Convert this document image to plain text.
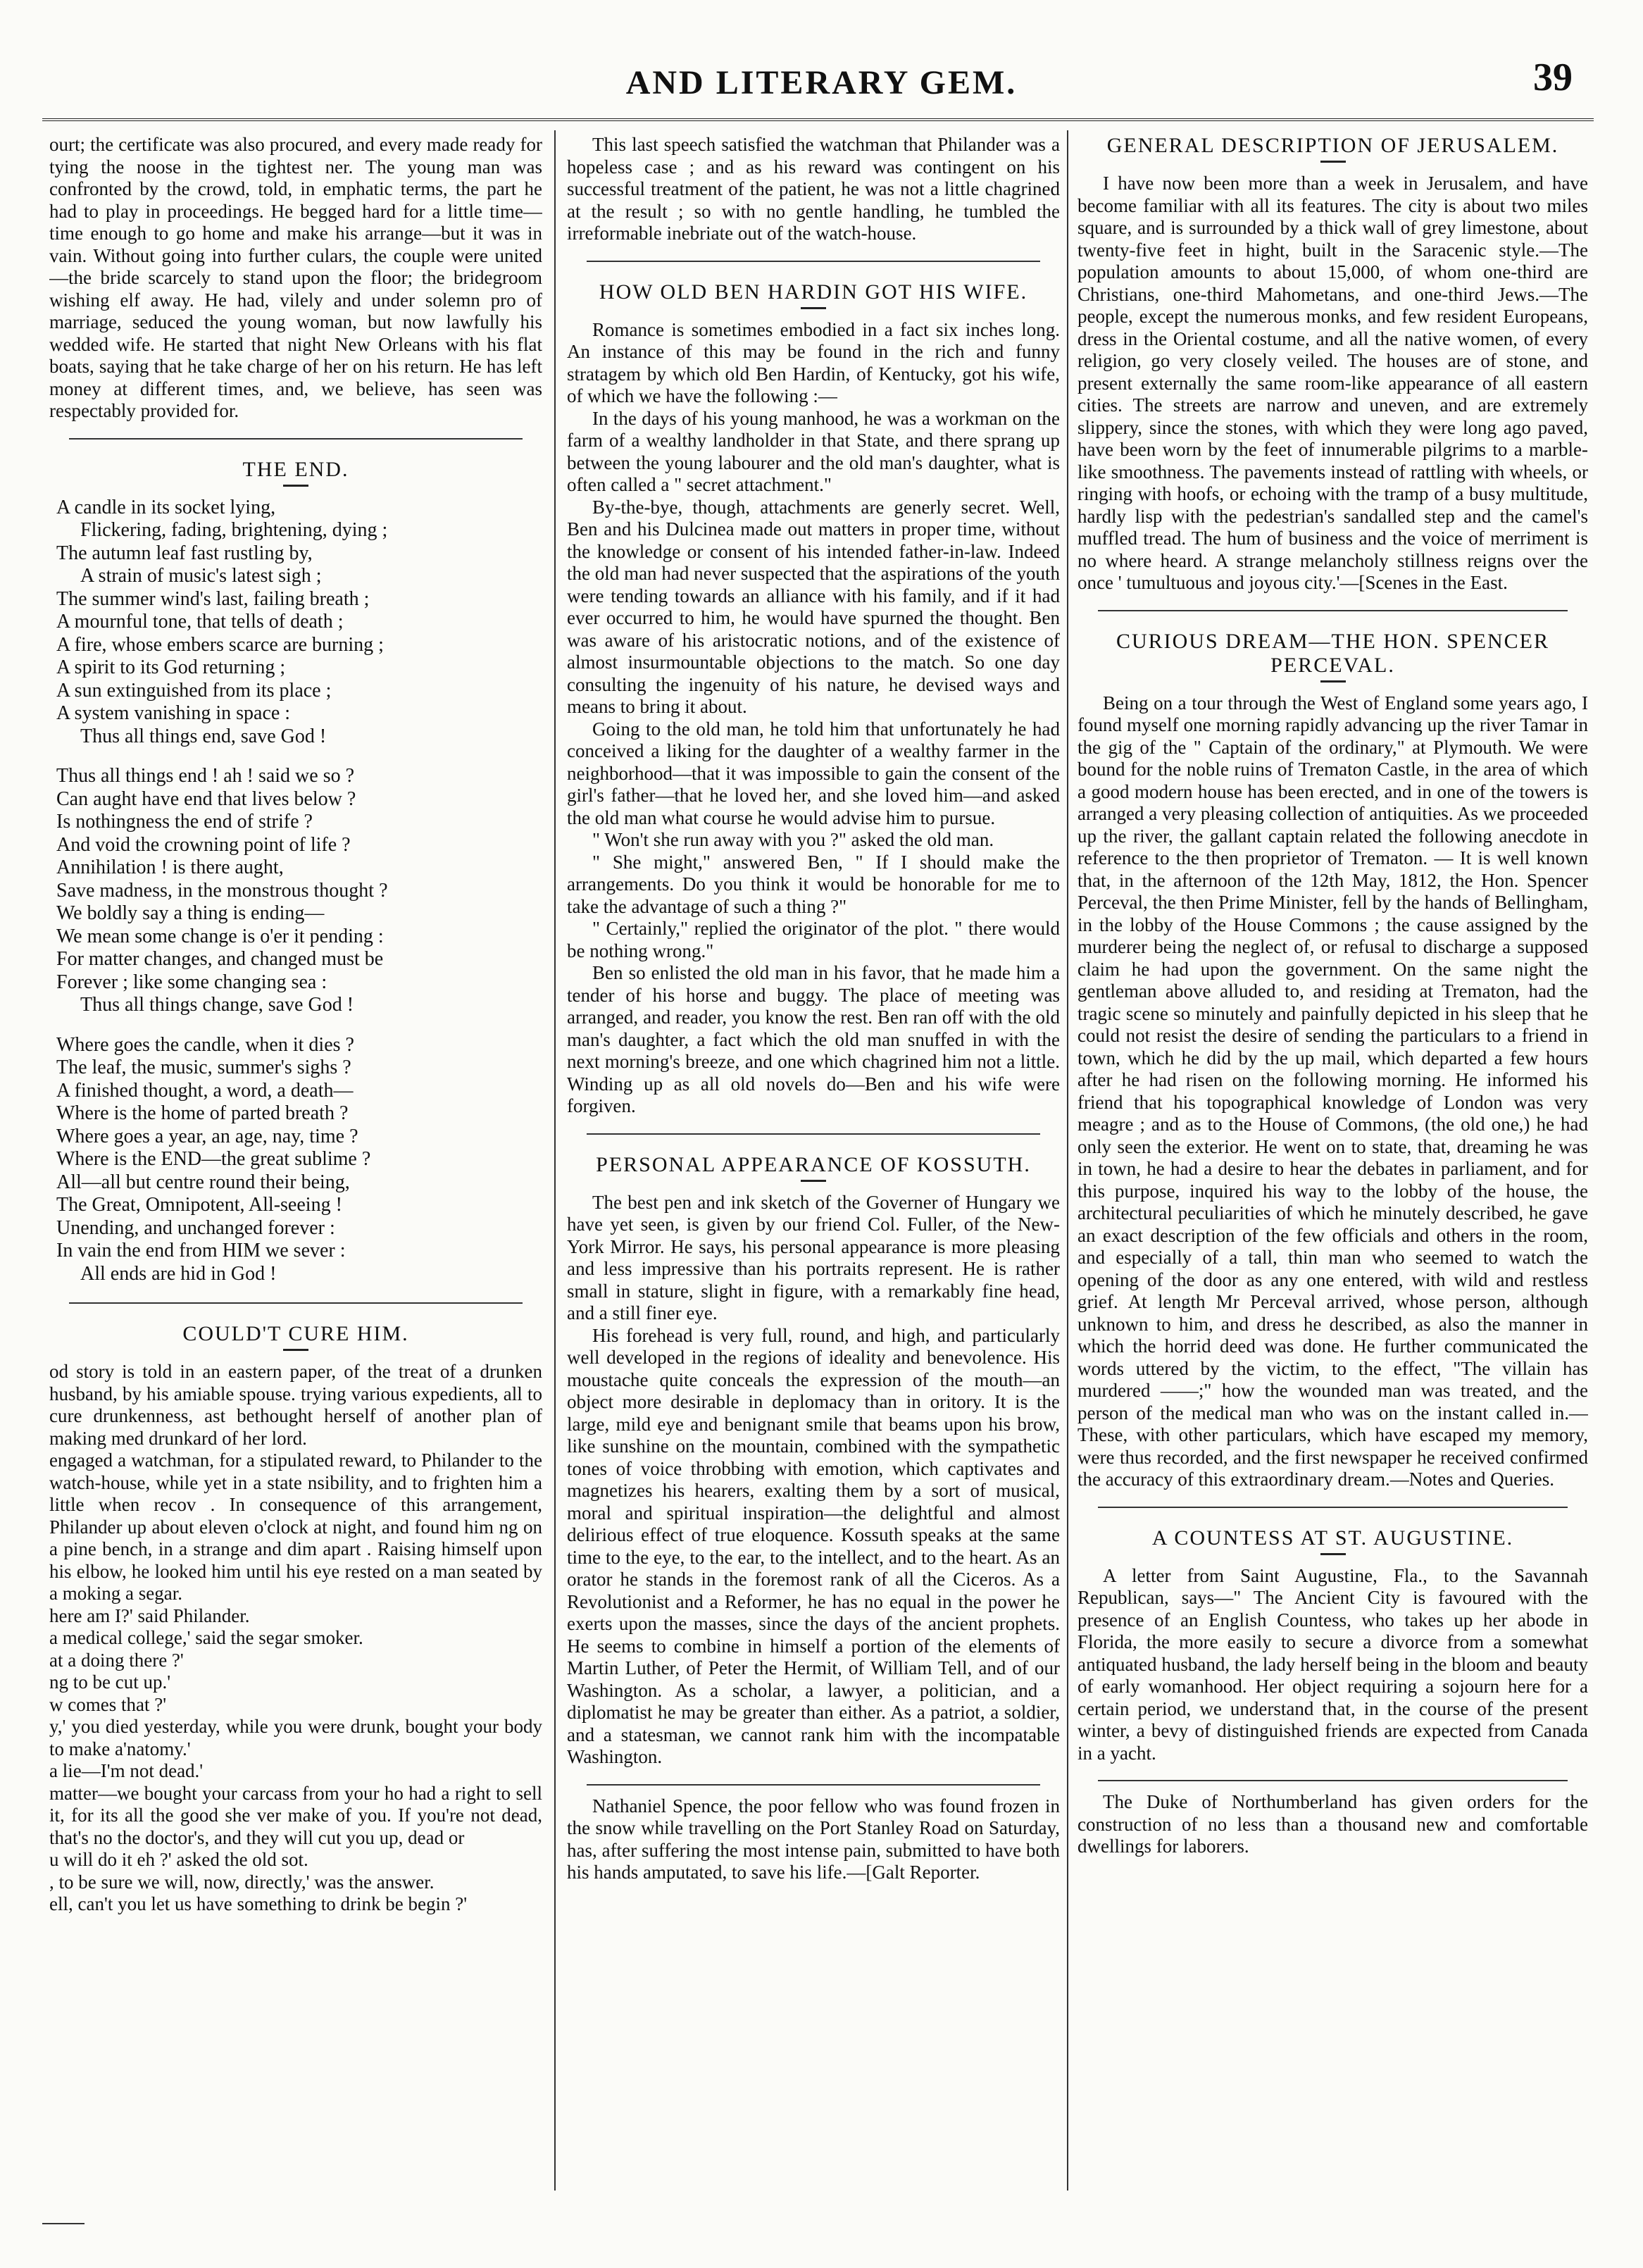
AND LITERARY GEM.	39

ourt; the certificate was also procured, and every made ready for tying the noose in the tightest ner. The young man was confronted by the crowd, told, in emphatic terms, the part he had to play in proceedings. He begged hard for a little time—time enough to go home and make his arrange—but it was in vain. Without going into further culars, the couple were united—the bride scarcely to stand upon the floor; the bridegroom wishing elf away. He had, vilely and under solemn pro of marriage, seduced the young woman, but now lawfully his wedded wife. He started that night New Orleans with his flat boats, saying that he take charge of her on his return. He has left money at different times, and, we believe, has seen was respectably provided for.

THE END.
A candle in its socket lying,
Flickering, fading, brightening, dying ;
The autumn leaf fast rustling by,
A strain of music's latest sigh ;
The summer wind's last, failing breath ;
A mournful tone, that tells of death ;
A fire, whose embers scarce are burning ;
A spirit to its God returning ;
A sun extinguished from its place ;
A system vanishing in space :
Thus all things end, save God !
Thus all things end ! ah ! said we so ?
Can aught have end that lives below ?
Is nothingness the end of strife ?
And void the crowning point of life ?
Annihilation ! is there aught,
Save madness, in the monstrous thought ?
We boldly say a thing is ending—
We mean some change is o'er it pending :
For matter changes, and changed must be
Forever ; like some changing sea :
Thus all things change, save God !
Where goes the candle, when it dies ?
The leaf, the music, summer's sighs ?
A finished thought, a word, a death—
Where is the home of parted breath ?
Where goes a year, an age, nay, time ?
Where is the END—the great sublime ?
All—all but centre round their being,
The Great, Omnipotent, All-seeing !
Unending, and unchanged forever :
In vain the end from HIM we sever :
All ends are hid in God !
COULD'T CURE HIM.

od story is told in an eastern paper, of the treat of a drunken husband, by his amiable spouse. trying various expedients, all to cure drunkenness, ast bethought herself of another plan of making med drunkard of her lord.

engaged a watchman, for a stipulated reward, to Philander to the watch-house, while yet in a state nsibility, and to frighten him a little when recov . In consequence of this arrangement, Philander up about eleven o'clock at night, and found him ng on a pine bench, in a strange and dim apart . Raising himself upon his elbow, he looked him until his eye rested on a man seated by a moking a segar.

here am I?' said Philander.

a medical college,' said the segar smoker.

at a doing there ?'

ng to be cut up.'

w comes that ?'

y,' you died yesterday, while you were drunk, bought your body to make a'natomy.'

a lie—I'm not dead.'

matter—we bought your carcass from your ho had a right to sell it, for its all the good she ver make of you. If you're not dead, that's no the doctor's, and they will cut you up, dead or

u will do it eh ?' asked the old sot.

, to be sure we will, now, directly,' was the answer.

ell, can't you let us have something to drink be begin ?'

This last speech satisfied the watchman that Philander was a hopeless case ; and as his reward was contingent on his successful treatment of the patient, he was not a little chagrined at the result ; so with no gentle handling, he tumbled the irreformable inebriate out of the watch-house.

HOW OLD BEN HARDIN GOT HIS WIFE.

Romance is sometimes embodied in a fact six inches long. An instance of this may be found in the rich and funny stratagem by which old Ben Hardin, of Kentucky, got his wife, of which we have the following :—

In the days of his young manhood, he was a workman on the farm of a wealthy landholder in that State, and there sprang up between the young labourer and the old man's daughter, what is often called a " secret attachment."

By-the-bye, though, attachments are generly secret. Well, Ben and his Dulcinea made out matters in proper time, without the knowledge or consent of his intended father-in-law. Indeed the old man had never suspected that the aspirations of the youth were tending towards an alliance with his family, and if it had ever occurred to him, he would have spurned the thought. Ben was aware of his aristocratic notions, and of the existence of almost insurmountable objections to the match. So one day consulting the ingenuity of his nature, he devised ways and means to bring it about.

Going to the old man, he told him that unfortunately he had conceived a liking for the daughter of a wealthy farmer in the neighborhood—that it was impossible to gain the consent of the girl's father—that he loved her, and she loved him—and asked the old man what course he would advise him to pursue.

" Won't she run away with you ?" asked the old man.

" She might," answered Ben, " If I should make the arrangements. Do you think it would be honorable for me to take the advantage of such a thing ?"

" Certainly," replied the originator of the plot. " there would be nothing wrong."

Ben so enlisted the old man in his favor, that he made him a tender of his horse and buggy. The place of meeting was arranged, and reader, you know the rest. Ben ran off with the old man's daughter, a fact which the old man snuffed in with the next morning's breeze, and one which chagrined him not a little. Winding up as all old novels do—Ben and his wife were forgiven.

PERSONAL APPEARANCE OF KOSSUTH.

The best pen and ink sketch of the Governer of Hungary we have yet seen, is given by our friend Col. Fuller, of the New-York Mirror. He says, his personal appearance is more pleasing and less impressive than his portraits represent. He is rather small in stature, slight in figure, with a remarkably fine head, and a still finer eye.

His forehead is very full, round, and high, and particularly well developed in the regions of ideality and benevolence. His moustache quite conceals the expression of the mouth—an object more desirable in deplomacy than in oritory. It is the large, mild eye and benignant smile that beams upon his brow, like sunshine on the mountain, combined with the sympathetic tones of voice throbbing with emotion, which captivates and magnetizes his hearers, exalting them by a sort of musical, moral and spiritual inspiration—the delightful and almost delirious effect of true eloquence. Kossuth speaks at the same time to the eye, to the ear, to the intellect, and to the heart. As an orator he stands in the foremost rank of all the Ciceros. As a Revolutionist and a Reformer, he has no equal in the power he exerts upon the masses, since the days of the ancient prophets. He seems to combine in himself a portion of the elements of Martin Luther, of Peter the Hermit, of William Tell, and of our Washington. As a scholar, a lawyer, a politician, and a diplomatist he may be greater than either. As a patriot, a soldier, and a statesman, we cannot rank him with the incompatable Washington.

Nathaniel Spence, the poor fellow who was found frozen in the snow while travelling on the Port Stanley Road on Saturday, has, after suffering the most intense pain, submitted to have both his hands amputated, to save his life.—[Galt Reporter.

GENERAL DESCRIPTION OF JERUSALEM.

I have now been more than a week in Jerusalem, and have become familiar with all its features. The city is about two miles square, and is surrounded by a thick wall of grey limestone, about twenty-five feet in hight, built in the Saracenic style.—The population amounts to about 15,000, of whom one-third are Christians, one-third Mahometans, and one-third Jews.—The people, except the numerous monks, and few resident Europeans, dress in the Oriental costume, and all the native women, of every religion, go very closely veiled. The houses are of stone, and present externally the same room-like appearance of all eastern cities. The streets are narrow and uneven, and are extremely slippery, since the stones, with which they were long ago paved, have been worn by the feet of innumerable pilgrims to a marble-like smoothness. The pavements instead of rattling with wheels, or ringing with hoofs, or echoing with the tramp of a busy multitude, hardly lisp with the pedestrian's sandalled step and the camel's muffled tread. The hum of business and the voice of merriment is no where heard. A strange melancholy stillness reigns over the once ' tumultuous and joyous city.'—[Scenes in the East.

CURIOUS DREAM—THE HON. SPENCER PERCEVAL.

Being on a tour through the West of England some years ago, I found myself one morning rapidly advancing up the river Tamar in the gig of the " Captain of the ordinary," at Plymouth. We were bound for the noble ruins of Trematon Castle, in the area of which a good modern house has been erected, and in one of the towers is arranged a very pleasing collection of antiquities. As we proceeded up the river, the gallant captain related the following anecdote in reference to the then proprietor of Trematon. — It is well known that, in the afternoon of the 12th May, 1812, the Hon. Spencer Perceval, the then Prime Minister, fell by the hands of Bellingham, in the lobby of the House Commons ; the cause assigned by the murderer being the neglect of, or refusal to discharge a supposed claim he had upon the government. On the same night the gentleman above alluded to, and residing at Trematon, had the tragic scene so minutely and painfully depicted in his sleep that he could not resist the desire of sending the particulars to a friend in town, which he did by the up mail, which departed a few hours after he had risen on the following morning. He informed his friend that his topographical knowledge of London was very meagre ; and as to the House of Commons, (the old one,) he had only seen the exterior. He went on to state, that, dreaming he was in town, he had a desire to hear the debates in parliament, and for this purpose, inquired his way to the lobby of the house, the architectural peculiarities of which he minutely described, he gave an exact description of the few officials and others in the room, and especially of a tall, thin man who seemed to watch the opening of the door as any one entered, with wild and restless grief. At length Mr Perceval arrived, whose person, although unknown to him, and dress he described, as also the manner in which the horrid deed was done. He further communicated the words uttered by the victim, to the effect, "The villain has murdered ——;" how the wounded man was treated, and the person of the medical man who was on the instant called in.—These, with other particulars, which have escaped my memory, were thus recorded, and the first newspaper he received confirmed the accuracy of this extraordinary dream.—Notes and Queries.

A COUNTESS AT ST. AUGUSTINE.

A letter from Saint Augustine, Fla., to the Savannah Republican, says—" The Ancient City is favoured with the presence of an English Countess, who takes up her abode in Florida, the more easily to secure a divorce from a somewhat antiquated husband, the lady herself being in the bloom and beauty of early womanhood. Her object requiring a sojourn here for a certain period, we understand that, in the course of the present winter, a bevy of distinguished friends are expected from Canada in a yacht.

The Duke of Northumberland has given orders for the construction of no less than a thousand new and comfortable dwellings for laborers.
